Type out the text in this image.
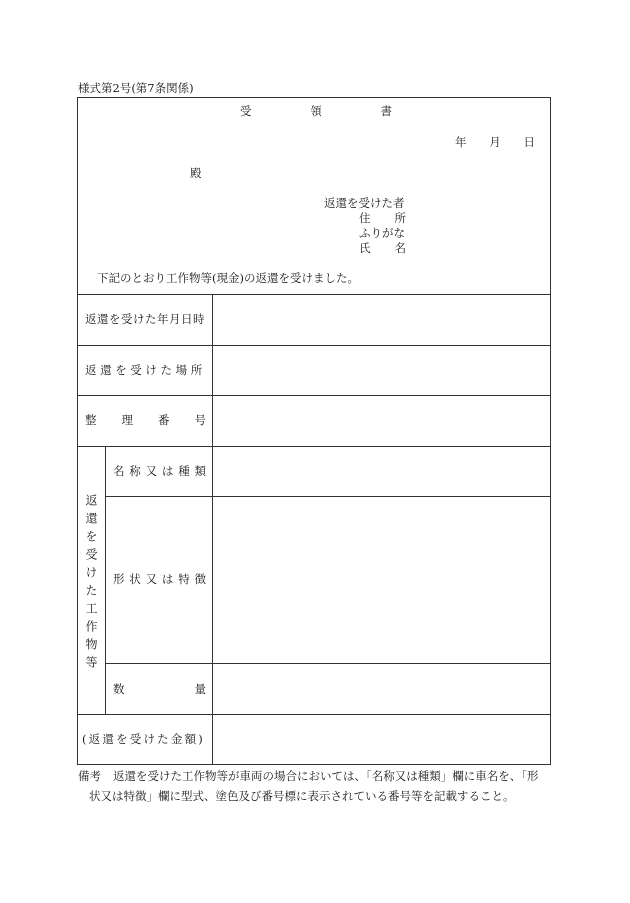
様式第2号(第7条関係)
受	領	書
年 月 日
殿
返還を受けた者
住 所
ふりがな
氏 名
下記のとおり工作物等(現金)の返還を受けました。
返還を受けた年月日時
返還を受けた場所
整 理 番 号
返還を受けた工作物等
名称又は種類
形状又は特徴
数	量
(返還を受けた金額)
備考 返還を受けた工作物等が車両の場合においては、「名称又は種類」欄に車名を、「形
状又は特徴」欄に型式、塗色及び番号標に表示されている番号等を記載すること。
